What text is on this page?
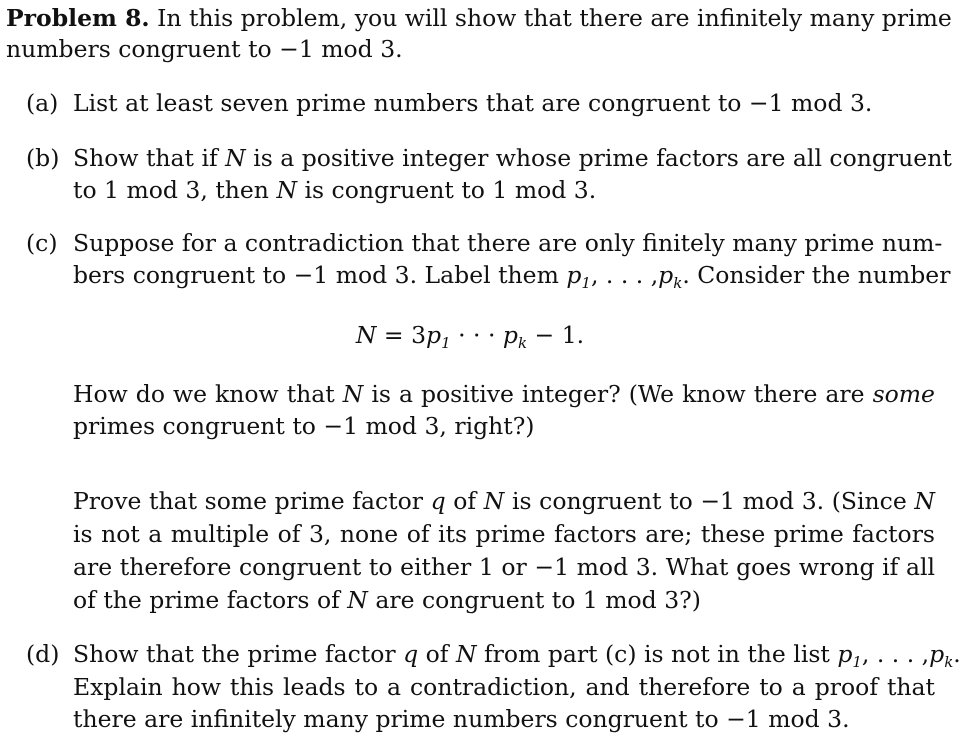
Problem 8. In this problem, you will show that there are infinitely many prime
numbers congruent to −1 mod 3.
(a) List at least seven prime numbers that are congruent to −1 mod 3.
(b) Show that if N is a positive integer whose prime factors are all congruent
to 1 mod 3, then N is congruent to 1 mod 3.
(c) Suppose for a contradiction that there are only finitely many prime num-
bers congruent to −1 mod 3. Label them $p_1$, . . . $,p_k$. Consider the number
$N = 3p_1$ · · · $p_k - 1$.
How do we know that N is a positive integer? (We know there are some
primes congruent to −1 mod 3, right?)
Prove that some prime factor q of N is congruent to −1 mod 3. (Since N
is not a multiple of 3, none of its prime factors are; these prime factors
are therefore congruent to either 1 or −1 mod 3. What goes wrong if all
of the prime factors of N are congruent to 1 mod 3?)
(d) Show that the prime factor q of N from part (c) is not in the list $p_1$, . . . $,p_k$.
Explain how this leads to a contradiction, and therefore to a proof that
there are infinitely many prime numbers congruent to −1 mod 3.
